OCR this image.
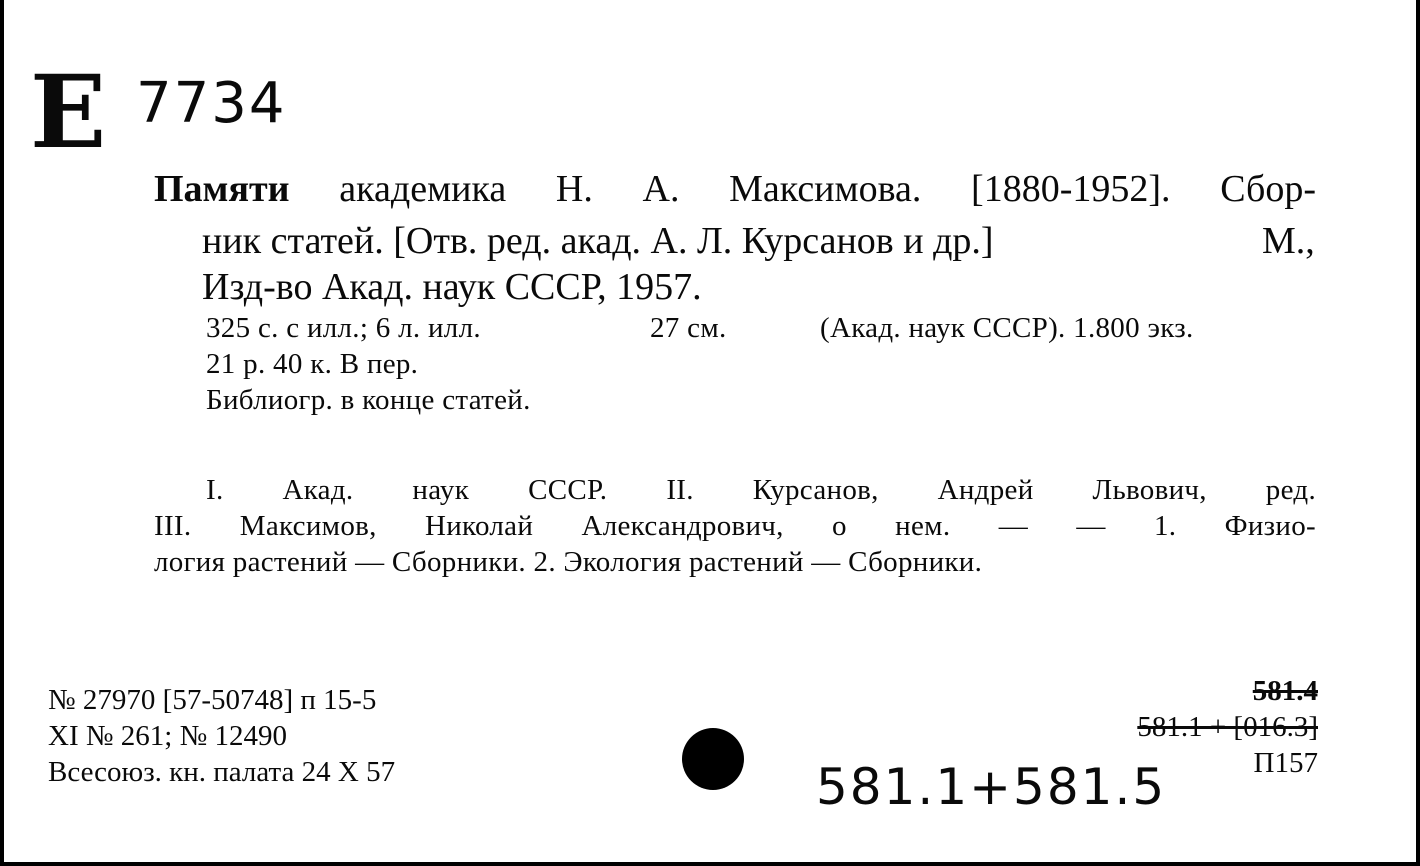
Е 7734
Памяти академика Н. А. Максимова. [1880-1952]. Сбор-
ник статей. [Отв. ред. акад. А. Л. Курсанов и др.]	М.,
Изд-во Акад. наук СССР, 1957.
325 с. с илл.; 6 л. илл.	27 см.	(Акад. наук СССР). 1.800 экз.
21 р. 40 к. В пер.
Библиогр. в конце статей.
I. Акад. наук СССР. II. Курсанов, Андрей Львович, ред.
III. Максимов, Николай Александрович, о нем. — — 1. Физио-
логия растений — Сборники. 2. Экология растений — Сборники.
№ 27970 [57-50748] п 15-5
XI № 261; № 12490
Всесоюз. кн. палата 24 X 57
581.4
581.1 + [016.3]
П157
581.1+581.5
